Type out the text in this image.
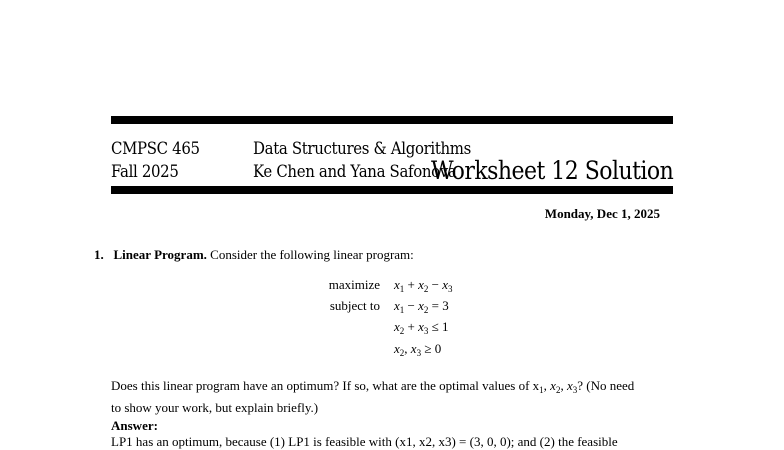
CMPSC 465
Fall 2025
Data Structures & Algorithms
Ke Chen and Yana Safonova
Worksheet 12 Solution
Monday, Dec 1, 2025
1. Linear Program. Consider the following linear program:
maximize $x_1 + x_2 - x_3$
subject to $x_1 - x_2 = 3$
$x_2 + x_3 \le 1$
$x_2$, $x_3 \ge 0$
Does this linear program have an optimum? If so, what are the optimal values of $x_1$, $x_2$, $x_3$? (No need
to show your work, but explain briefly.)
Answer:
LP1 has an optimum, because (1) LP1 is feasible with (x1, x2, x3) = (3, 0, 0); and (2) the feasible
